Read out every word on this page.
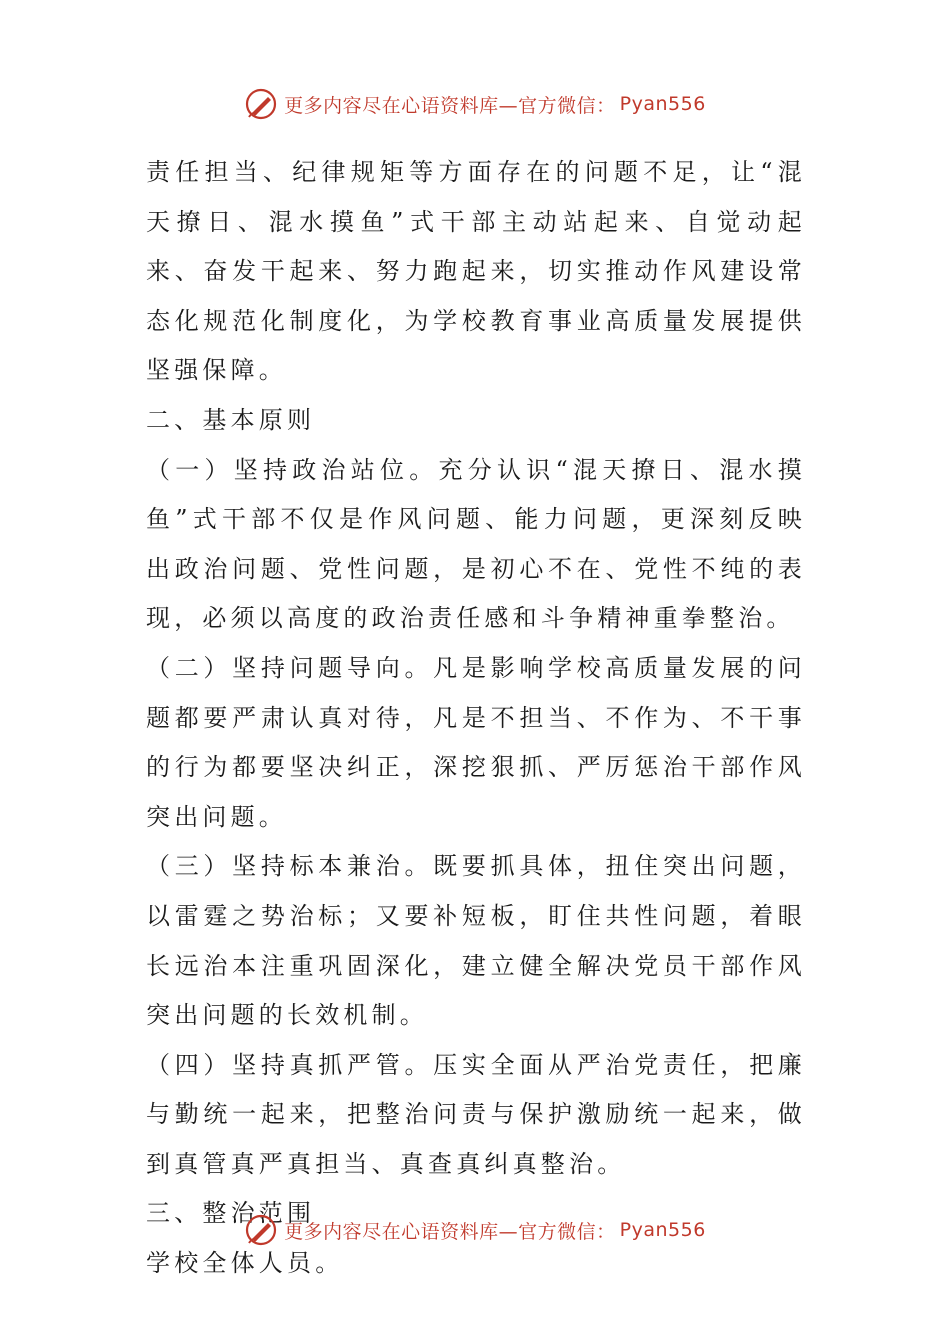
更多内容尽在心语资料库—官方微信： Pyan556

责任担当、纪律规矩等方面存在的问题不足，让“混天撩日、混水摸鱼”式干部主动站起来、自觉动起来、奋发干起来、努力跑起来，切实推动作风建设常态化规范化制度化，为学校教育事业高质量发展提供坚强保障。

二、基本原则

（一）坚持政治站位。充分认识“混天撩日、混水摸鱼”式干部不仅是作风问题、能力问题，更深刻反映出政治问题、党性问题，是初心不在、党性不纯的表现，必须以高度的政治责任感和斗争精神重拳整治。

（二）坚持问题导向。凡是影响学校高质量发展的问题都要严肃认真对待，凡是不担当、不作为、不干事的行为都要坚决纠正，深挖狠抓、严厉惩治干部作风突出问题。

（三）坚持标本兼治。既要抓具体，扭住突出问题，以雷霆之势治标；又要补短板，盯住共性问题，着眼长远治本注重巩固深化，建立健全解决党员干部作风突出问题的长效机制。

（四）坚持真抓严管。压实全面从严治党责任，把廉与勤统一起来，把整治问责与保护激励统一起来，做到真管真严真担当、真查真纠真整治。

三、整治范围

学校全体人员。

更多内容尽在心语资料库—官方微信： Pyan556
